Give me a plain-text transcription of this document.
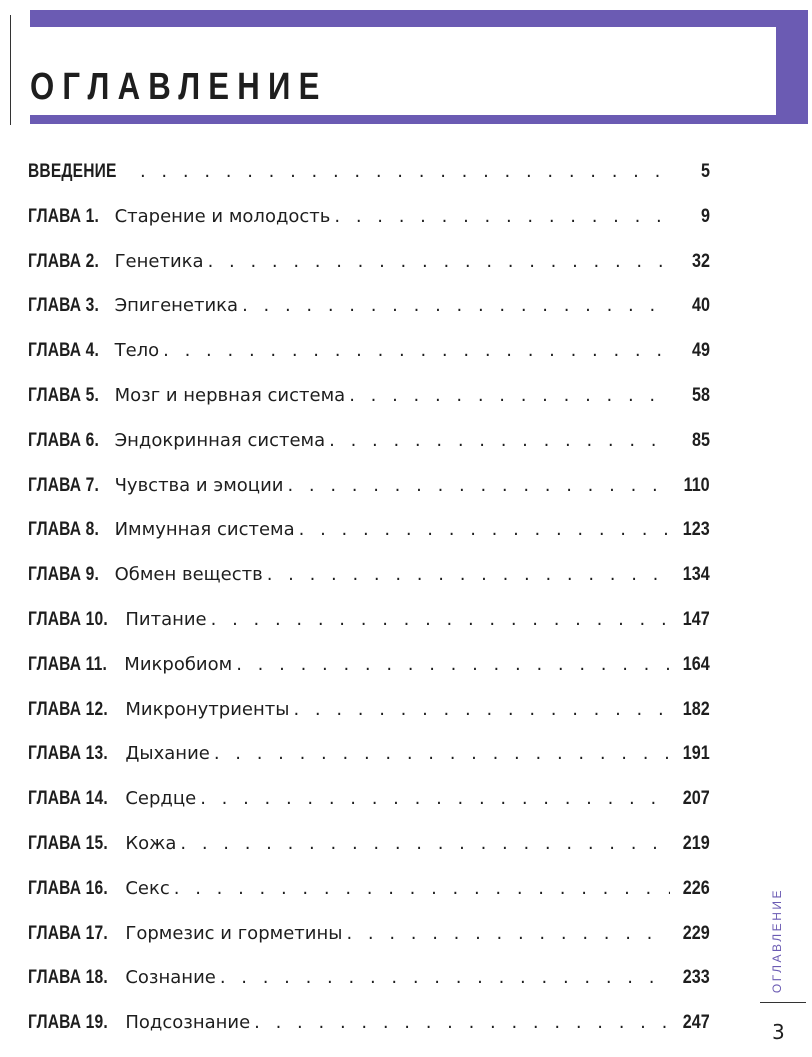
ОГЛАВЛЕНИЕ
ВВЕДЕНИЕ . . .	5
ГЛАВА 1. Старение и молодость . . .	9
ГЛАВА 2. Генетика . . .	32
ГЛАВА 3. Эпигенетика . . .	40
ГЛАВА 4. Тело . . .	49
ГЛАВА 5. Мозг и нервная система . . .	58
ГЛАВА 6. Эндокринная система . . .	85
ГЛАВА 7. Чувства и эмоции . . .	110
ГЛАВА 8. Иммунная система . . .	123
ГЛАВА 9. Обмен веществ . . .	134
ГЛАВА 10. Питание . . .	147
ГЛАВА 11. Микробиом . . .	164
ГЛАВА 12. Микронутриенты . . .	182
ГЛАВА 13. Дыхание . . .	191
ГЛАВА 14. Сердце . . .	207
ГЛАВА 15. Кожа . . .	219
ГЛАВА 16. Секс . . .	226
ГЛАВА 17. Гормезис и горметины . . .	229
ГЛАВА 18. Сознание . . .	233
ГЛАВА 19. Подсознание . . .	247
ОГЛАВЛЕНИЕ
3
